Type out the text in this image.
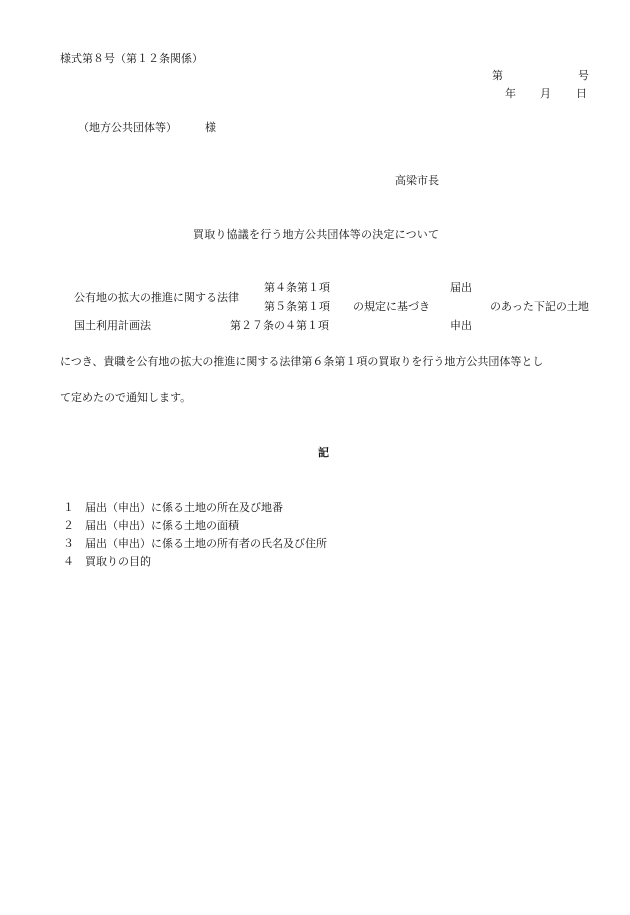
様式第８号（第１２条関係）
第	号
年 月 日
（地方公共団体等）	様
高梁市長
買取り協議を行う地方公共団体等の決定について
公有地の拡大の推進に関する法律
国土利用計画法
第４条第１項
第５条第１項
第２７条の４第１項
の規定に基づき
届出
申出
のあった下記の土地
につき、貴職を公有地の拡大の推進に関する法律第６条第１項の買取りを行う地方公共団体等とし
て定めたので通知します。
記
１ 届出（申出）に係る土地の所在及び地番
２ 届出（申出）に係る土地の面積
３ 届出（申出）に係る土地の所有者の氏名及び住所
４ 買取りの目的
